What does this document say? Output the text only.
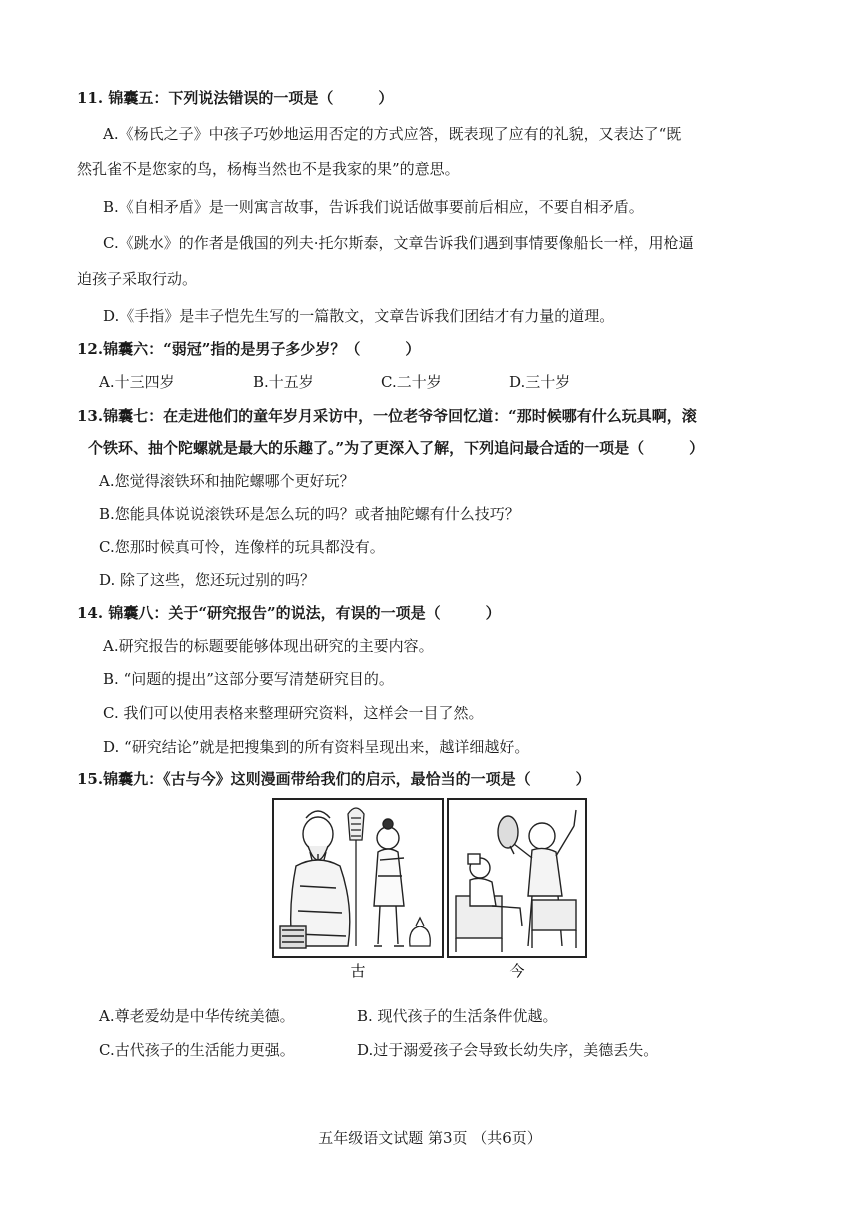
11. 锦囊五：下列说法错误的一项是（　　　）
A.《杨氏之子》中孩子巧妙地运用否定的方式应答，既表现了应有的礼貌，又表达了“既
然孔雀不是您家的鸟，杨梅当然也不是我家的果”的意思。
B.《自相矛盾》是一则寓言故事，告诉我们说话做事要前后相应，不要自相矛盾。
C.《跳水》的作者是俄国的列夫·托尔斯泰，文章告诉我们遇到事情要像船长一样，用枪逼
迫孩子采取行动。
D.《手指》是丰子恺先生写的一篇散文，文章告诉我们团结才有力量的道理。
12.锦囊六：“弱冠”指的是男子多少岁？（　　　）
A.十三四岁	B.十五岁	C.二十岁	D.三十岁
13.锦囊七：在走进他们的童年岁月采访中，一位老爷爷回忆道：“那时候哪有什么玩具啊，滚
个铁环、抽个陀螺就是最大的乐趣了。”为了更深入了解，下列追问最合适的一项是（　　　）
A.您觉得滚铁环和抽陀螺哪个更好玩？
B.您能具体说说滚铁环是怎么玩的吗？或者抽陀螺有什么技巧？
C.您那时候真可怜，连像样的玩具都没有。
D. 除了这些，您还玩过别的吗？
14. 锦囊八：关于“研究报告”的说法，有误的一项是（　　　）
A.研究报告的标题要能够体现出研究的主要内容。
B. “问题的提出”这部分要写清楚研究目的。
C. 我们可以使用表格来整理研究资料，这样会一目了然。
D. “研究结论”就是把搜集到的所有资料呈现出来，越详细越好。
15.锦囊九：《古与今》这则漫画带给我们的启示，最恰当的一项是（　　　）
古	今
A.尊老爱幼是中华传统美德。	B. 现代孩子的生活条件优越。
C.古代孩子的生活能力更强。	D.过于溺爱孩子会导致长幼失序，美德丢失。
五年级语文试题 第3页 （共6页）
